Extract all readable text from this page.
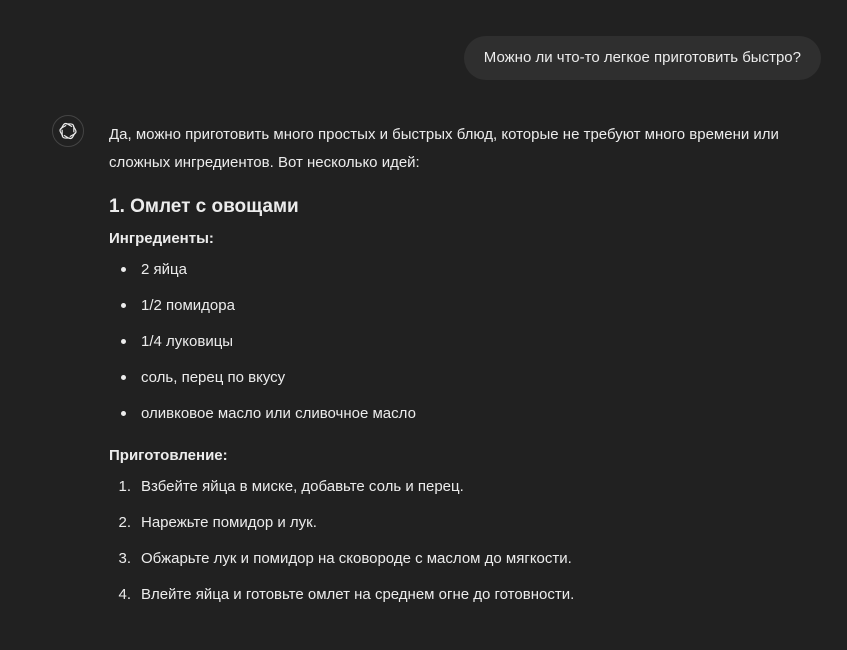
Можно ли что-то легкое приготовить быстро?

Да, можно приготовить много простых и быстрых блюд, которые не требуют много времени или сложных ингредиентов. Вот несколько идей:

1. Омлет с овощами
Ингредиенты:
2 яйца
1/2 помидора
1/4 луковицы
соль, перец по вкусу
оливковое масло или сливочное масло
Приготовление:
1. Взбейте яйца в миске, добавьте соль и перец.
2. Нарежьте помидор и лук.
3. Обжарьте лук и помидор на сковороде с маслом до мягкости.
4. Влейте яйца и готовьте омлет на среднем огне до готовности.
